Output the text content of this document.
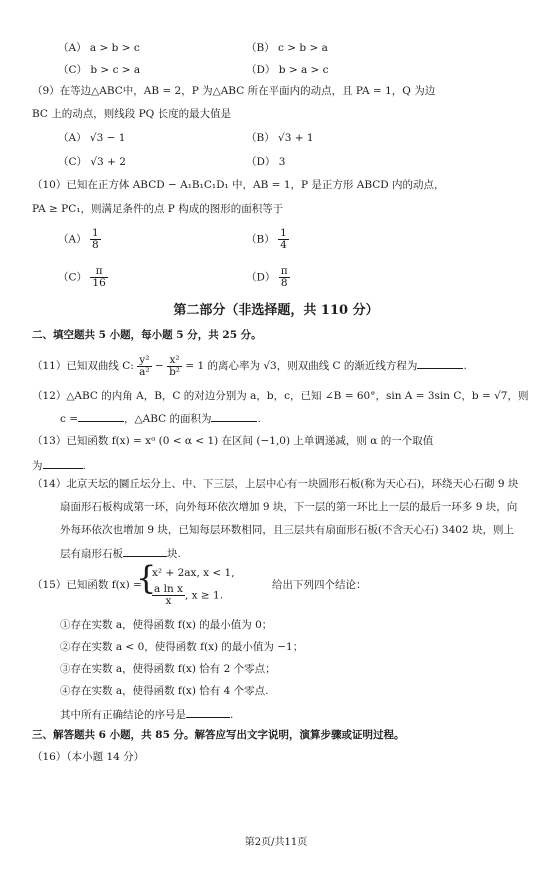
（A） a > b > c	（B） c > b > a
（C） b > c > a	（D） b > a > c
（9）在等边△ABC中，AB = 2，P 为△ABC 所在平面内的动点，且 PA = 1，Q 为边
BC 上的动点，则线段 PQ 长度的最大值是
（A） √3 − 1	（B） √3 + 1
（C） √3 + 2	（D） 3
（10）已知在正方体 ABCD − A₁B₁C₁D₁ 中，AB = 1，P 是正方形 ABCD 内的动点，
PA ≥ PC₁，则满足条件的点 P 构成的图形的面积等于
$(A) \frac{1}{8}$	$(B) \frac{1}{4}$
$(C) \frac{\pi}{16}$	$(D) \frac{\pi}{8}$
第二部分（非选择题，共 110 分）
二、填空题共 5 小题，每小题 5 分，共 25 分。
（11）已知双曲线 C: $\frac{\text{y²}}{\text{a²}} - \frac{\text{x²}}{\text{b²}} = 1$ 的离心率为 √3，则双曲线 C 的渐近线方程为	.
（12）△ABC 的内角 A，B，C 的对边分别为 a，b，c，已知 ∠B = 60°，sin A = 3sin C，b = √7，则
c =	，△ABC 的面积为	.
（13）已知函数 f(x) = xᵅ (0 < α < 1) 在区间 (−1,0) 上单调递减，则 α 的一个取值
为	.
（14）北京天坛的圜丘坛分上、中、下三层，上层中心有一块圆形石板(称为天心石)，环绕天心石砌 9 块
扇面形石板构成第一环，向外每环依次增加 9 块，下一层的第一环比上一层的最后一环多 9 块，向
外每环依次也增加 9 块，已知每层环数相同，且三层共有扇面形石板(不含天心石) 3402 块，则上
层有扇形石板	块.
（15）已知函数 f(x) =
{
x² + 2ax, x < 1,
$\frac{\text{a ln x}}{x}$ , x ≥ 1.
给出下列四个结论：
①存在实数 a，使得函数 f(x) 的最小值为 0；
②存在实数 a < 0，使得函数 f(x) 的最小值为 −1；
③存在实数 a，使得函数 f(x) 恰有 2 个零点；
④存在实数 a，使得函数 f(x) 恰有 4 个零点.
其中所有正确结论的序号是	.
三、解答题共 6 小题，共 85 分。解答应写出文字说明，演算步骤或证明过程。
（16）（本小题 14 分）
第2页/共11页
